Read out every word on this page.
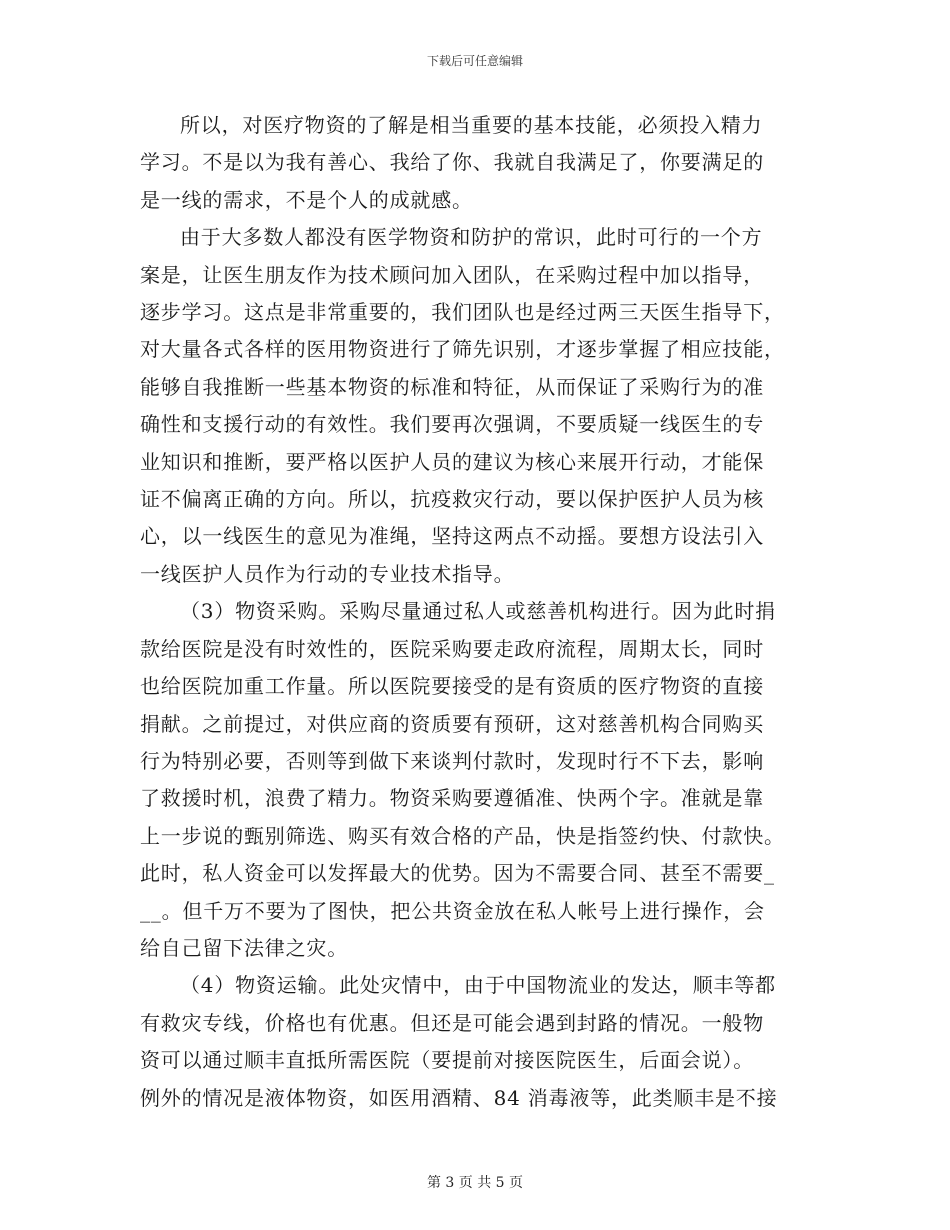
下载后可任意编辑

所以，对医疗物资的了解是相当重要的基本技能，必须投入精力
学习。不是以为我有善心、我给了你、我就自我满足了，你要满足的
是一线的需求，不是个人的成就感。

由于大多数人都没有医学物资和防护的常识，此时可行的一个方
案是，让医生朋友作为技术顾问加入团队，在采购过程中加以指导，
逐步学习。这点是非常重要的，我们团队也是经过两三天医生指导下，
对大量各式各样的医用物资进行了筛先识别，才逐步掌握了相应技能，
能够自我推断一些基本物资的标准和特征，从而保证了采购行为的准
确性和支援行动的有效性。我们要再次强调，不要质疑一线医生的专
业知识和推断，要严格以医护人员的建议为核心来展开行动，才能保
证不偏离正确的方向。所以，抗疫救灾行动，要以保护医护人员为核
心，以一线医生的意见为准绳，坚持这两点不动摇。要想方设法引入
一线医护人员作为行动的专业技术指导。

（3）物资采购。采购尽量通过私人或慈善机构进行。因为此时捐
款给医院是没有时效性的，医院采购要走政府流程，周期太长，同时
也给医院加重工作量。所以医院要接受的是有资质的医疗物资的直接
捐献。之前提过，对供应商的资质要有预研，这对慈善机构合同购买
行为特别必要，否则等到做下来谈判付款时，发现时行不下去，影响
了救援时机，浪费了精力。物资采购要遵循准、快两个字。准就是靠
上一步说的甄别筛选、购买有效合格的产品，快是指签约快、付款快。
此时，私人资金可以发挥最大的优势。因为不需要合同、甚至不需要_
__。但千万不要为了图快，把公共资金放在私人帐号上进行操作，会
给自己留下法律之灾。

（4）物资运输。此处灾情中，由于中国物流业的发达，顺丰等都
有救灾专线，价格也有优惠。但还是可能会遇到封路的情况。一般物
资可以通过顺丰直抵所需医院（要提前对接医院医生，后面会说）。
例外的情况是液体物资，如医用酒精、84 消毒液等，此类顺丰是不接

第 3 页 共 5 页
